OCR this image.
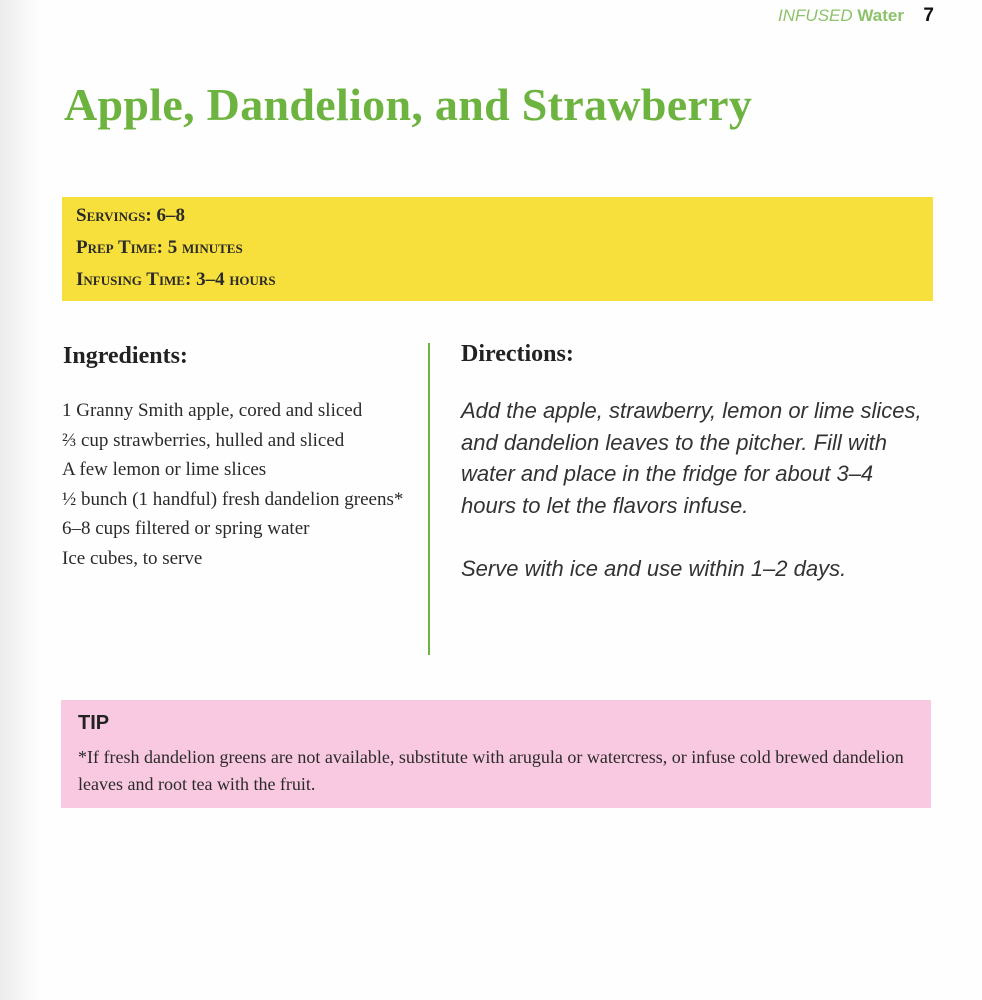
INFUSED Water 7
Apple, Dandelion, and Strawberry
Servings: 6–8
Prep Time: 5 minutes
Infusing Time: 3–4 hours
Ingredients:
1 Granny Smith apple, cored and sliced
⅔ cup strawberries, hulled and sliced
A few lemon or lime slices
½ bunch (1 handful) fresh dandelion greens*
6–8 cups filtered or spring water
Ice cubes, to serve
Directions:

Add the apple, strawberry, lemon or lime slices, and dandelion leaves to the pitcher. Fill with water and place in the fridge for about 3–4 hours to let the flavors infuse.

Serve with ice and use within 1–2 days.

TIP
*If fresh dandelion greens are not available, substitute with arugula or watercress, or infuse cold brewed dandelion leaves and root tea with the fruit.
